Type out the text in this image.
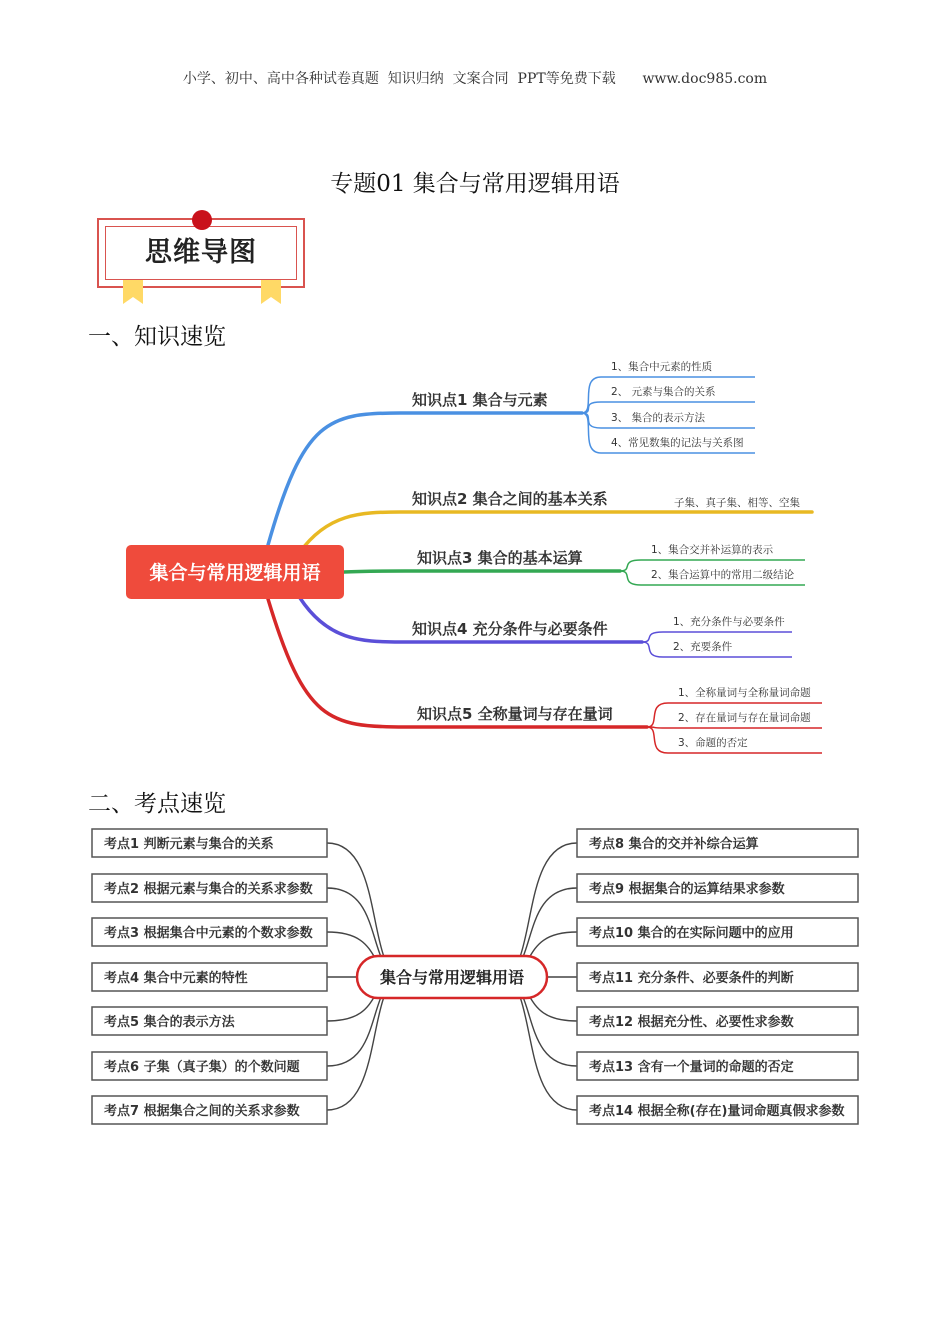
小学、初中、高中各种试卷真题  知识归纳  文案合同  PPT等免费下载      www.doc985.com
专题01 集合与常用逻辑用语
思维导图
一、知识速览
二、考点速览
知识点1 集合与元素
1、集合中元素的性质
2、 元素与集合的关系
3、 集合的表示方法
4、常见数集的记法与关系图
知识点2 集合之间的基本关系	子集、真子集、相等、空集
知识点3 集合的基本运算	1、集合交并补运算的表示
2、集合运算中的常用二级结论
知识点4 充分条件与必要条件	1、充分条件与必要条件
2、充要条件
知识点5 全称量词与存在量词
1、全称量词与全称量词命题
2、存在量词与存在量词命题
3、命题的否定
集合与常用逻辑用语
考点1 判断元素与集合的关系
考点2 根据元素与集合的关系求参数
考点3 根据集合中元素的个数求参数
考点4 集合中元素的特性
考点5 集合的表示方法
考点6 子集（真子集）的个数问题
考点7 根据集合之间的关系求参数
考点8 集合的交并补综合运算
考点9 根据集合的运算结果求参数
考点10 集合的在实际问题中的应用
考点11 充分条件、必要条件的判断
考点12 根据充分性、必要性求参数
考点13 含有一个量词的命题的否定
考点14 根据全称(存在)量词命题真假求参数
集合与常用逻辑用语
